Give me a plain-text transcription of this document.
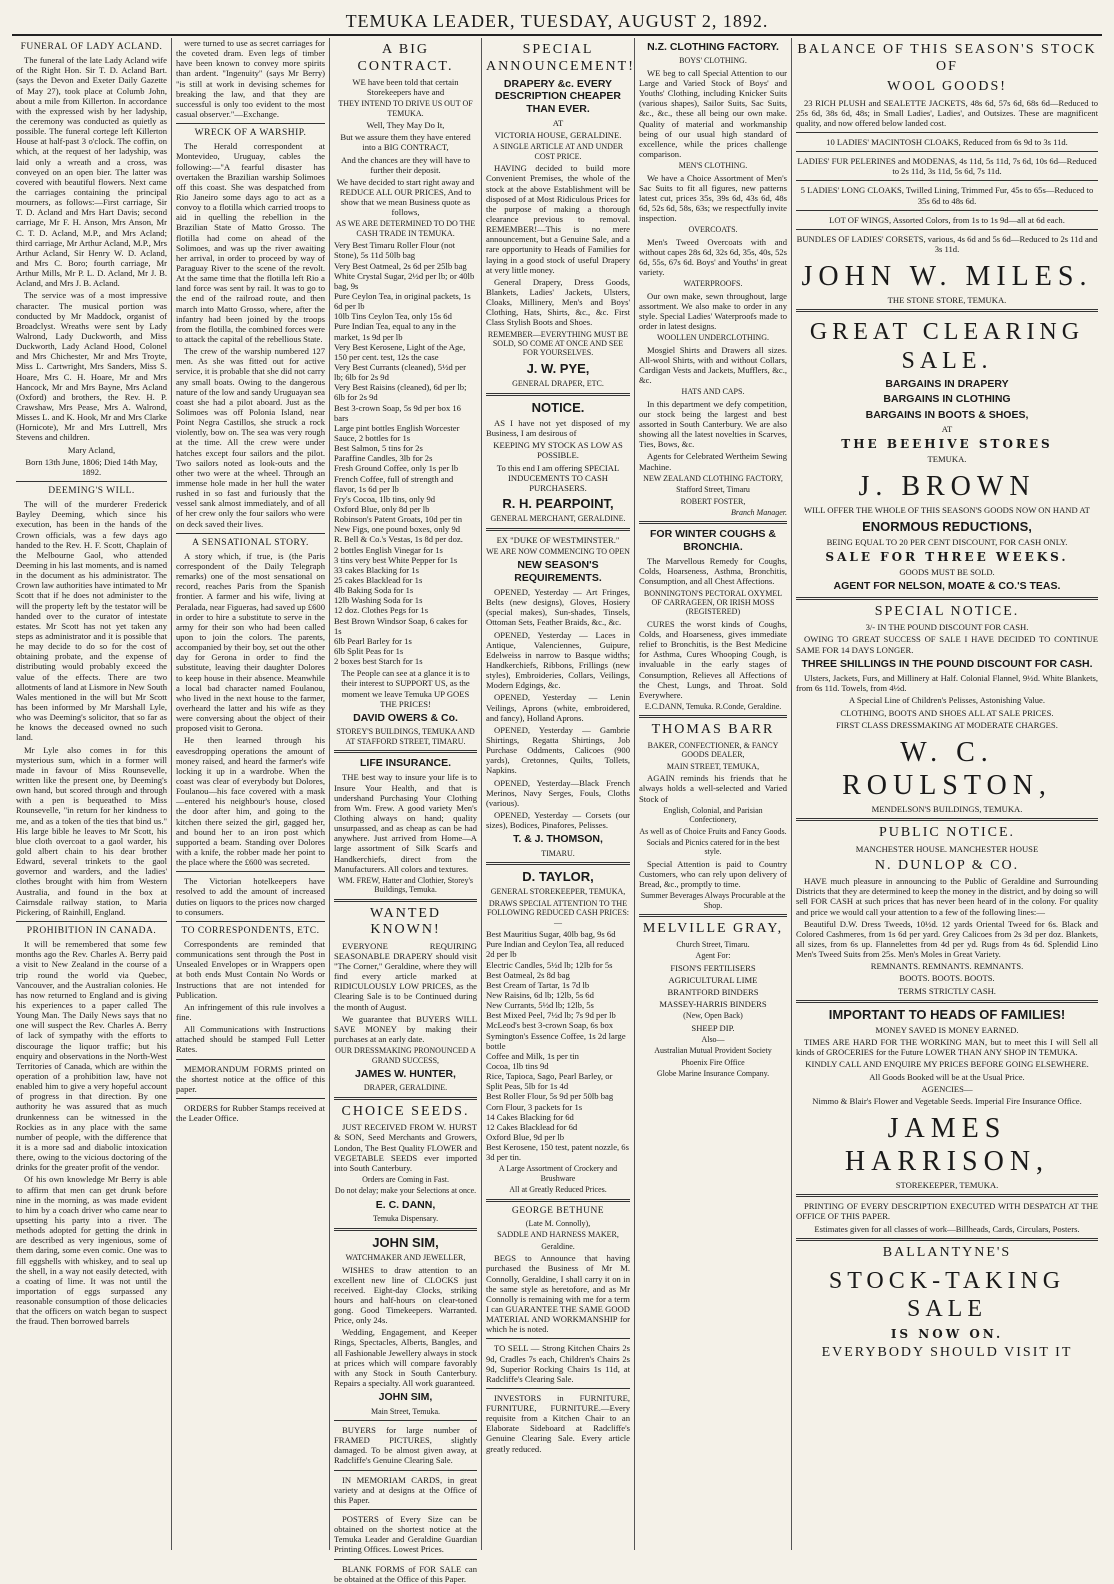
TEMUKA LEADER, TUESDAY, AUGUST 2, 1892.
FUNERAL OF LADY ACLAND.

The funeral of the late Lady Acland wife of the Right Hon. Sir T. D. Acland Bart. (says the Devon and Exeter Daily Gazette of May 27), took place at Columb John, about a mile from Killerton. In accordance with the expressed wish by her ladyship, the ceremony was conducted as quietly as possible. The funeral cortege left Killerton House at half-past 3 o'clock. The coffin, on which, at the request of her ladyship, was laid only a wreath and a cross, was conveyed on an open bier. The latter was covered with beautiful flowers. Next came the carriages containing the principal mourners, as follows:—First carriage, Sir T. D. Acland and Mrs Hart Davis; second carriage, Mr F. H. Anson, Mrs Anson, Mr C. T. D. Acland, M.P., and Mrs Acland; third carriage, Mr Arthur Acland, M.P., Mrs Arthur Acland, Sir Henry W. D. Acland, and Mrs C. Boro; fourth carriage, Mr Arthur Mills, Mr P. L. D. Acland, Mr J. B. Acland, and Mrs J. B. Acland.

The service was of a most impressive character. The musical portion was conducted by Mr Maddock, organist of Broadclyst. Wreaths were sent by Lady Walrond, Lady Duckworth, and Miss Duckworth, Lady Acland Hood, Colonel and Mrs Chichester, Mr and Mrs Troyte, Miss L. Cartwright, Mrs Sanders, Miss S. Hoare, Mrs C. H. Hoare, Mr and Mrs Hancock, Mr and Mrs Bayne, Mrs Acland (Oxford) and brothers, the Rev. H. P. Crawshaw, Mrs Pease, Mrs A. Walrond, Misses L. and K. Hook, Mr and Mrs Clarke (Hornicote), Mr and Mrs Luttrell, Mrs Stevens and children.

Mary Acland,

Born 13th June, 1806; Died 14th May, 1892.

DEEMING'S WILL.

The will of the murderer Frederick Bayley Deeming, which since his execution, has been in the hands of the Crown officials, was a few days ago handed to the Rev. H. F. Scott, Chaplain of the Melbourne Gaol, who attended Deeming in his last moments, and is named in the document as his administrator. The Crown law authorities have intimated to Mr Scott that if he does not administer to the will the property left by the testator will be handed over to the curator of intestate estates. Mr Scott has not yet taken any steps as administrator and it is possible that he may decide to do so for the cost of obtaining probate, and the expense of distributing would probably exceed the value of the effects. There are two allotments of land at Lismore in New South Wales mentioned in the will but Mr Scott has been informed by Mr Marshall Lyle, who was Deeming's solicitor, that so far as he knows the deceased owned no such land.

Mr Lyle also comes in for this mysterious sum, which in a former will made in favour of Miss Rounsevelle, written like the present one, by Deeming's own hand, but scored through and through with a pen is bequeathed to Miss Rounsevelle, "in return for her kindness to me, and as a token of the ties that bind us." His large bible he leaves to Mr Scott, his blue cloth overcoat to a gaol warder, his gold albert chain to his dear brother Edward, several trinkets to the gaol governor and warders, and the ladies' clothes brought with him from Western Australia, and found in the box at Cairnsdale railway station, to Maria Pickering, of Rainhill, England.

PROHIBITION IN CANADA.

It will be remembered that some few months ago the Rev. Charles A. Berry paid a visit to New Zealand in the course of a trip round the world via Quebec, Vancouver, and the Australian colonies. He has now returned to England and is giving his experiences to a paper called The Young Man. The Daily News says that no one will suspect the Rev. Charles A. Berry of lack of sympathy with the efforts to discourage the liquor traffic; but his enquiry and observations in the North-West Territories of Canada, which are within the operation of a prohibition law, have not enabled him to give a very hopeful account of progress in that direction. By one authority he was assured that as much drunkenness can be witnessed in the Rockies as in any place with the same number of people, with the difference that it is a more sad and diabolic intoxication there, owing to the vicious doctoring of the drinks for the greater profit of the vendor.

Of his own knowledge Mr Berry is able to affirm that men can get drunk before nine in the morning, as was made evident to him by a coach driver who came near to upsetting his party into a river. The methods adopted for getting the drink in are described as very ingenious, some of them daring, some even comic. One was to fill eggshells with whiskey, and to seal up the shell, in a way not easily detected, with a coating of lime. It was not until the importation of eggs surpassed any reasonable consumption of those delicacies that the officers on watch began to suspect the fraud. Then borrowed barrels

were turned to use as secret carriages for the coveted dram. Even legs of timber have been known to convey more spirits than ardent. "Ingenuity" (says Mr Berry) "is still at work in devising schemes for breaking the law, and that they are successful is only too evident to the most casual observer."—Exchange.

WRECK OF A WARSHIP.

The Herald correspondent at Montevideo, Uruguay, cables the following:—"A fearful disaster has overtaken the Brazilian warship Solimoes off this coast. She was despatched from Rio Janeiro some days ago to act as a convoy to a flotilla which carried troops to aid in quelling the rebellion in the Brazilian State of Matto Grosso. The flotilla had come on ahead of the Solimoes, and was up the river awaiting her arrival, in order to proceed by way of Paraguay River to the scene of the revolt. At the same time that the flotilla left Rio a land force was sent by rail. It was to go to the end of the railroad route, and then march into Matto Grosso, where, after the infantry had been joined by the troops from the flotilla, the combined forces were to attack the capital of the rebellious State.

The crew of the warship numbered 127 men. As she was fitted out for active service, it is probable that she did not carry any small boats. Owing to the dangerous nature of the low and sandy Uruguayan sea coast she had a pilot aboard. Just as the Solimoes was off Polonia Island, near Point Negra Castillos, she struck a rock violently, bow on. The sea was very rough at the time. All the crew were under hatches except four sailors and the pilot. Two sailors noted as look-outs and the other two were at the wheel. Through an immense hole made in her hull the water rushed in so fast and furiously that the vessel sank almost immediately, and of all of her crew only the four sailors who were on deck saved their lives.

A SENSATIONAL STORY.

A story which, if true, is (the Paris correspondent of the Daily Telegraph remarks) one of the most sensational on record, reaches Paris from the Spanish frontier. A farmer and his wife, living at Peralada, near Figueras, had saved up £600 in order to hire a substitute to serve in the army for their son who had been called upon to join the colors. The parents, accompanied by their boy, set out the other day for Gerona in order to find the substitute, leaving their daughter Dolores to keep house in their absence. Meanwhile a local bad character named Foulanou, who lived in the next house to the farmer, overheard the latter and his wife as they were conversing about the object of their proposed visit to Gerona.

He then learned through his eavesdropping operations the amount of money raised, and heard the farmer's wife locking it up in a wardrobe. When the coast was clear of everybody but Dolores, Foulanou—his face covered with a mask—entered his neighbour's house, closed the door after him, and going to the kitchen there seized the girl, gagged her, and bound her to an iron post which supported a beam. Standing over Dolores with a knife, the robber made her point to the place where the £600 was secreted.

The Victorian hotelkeepers have resolved to add the amount of increased duties on liquors to the prices now charged to consumers.

TO CORRESPONDENTS, ETC.

Correspondents are reminded that communications sent through the Post in Unsealed Envelopes or in Wrappers open at both ends Must Contain No Words or Instructions that are not intended for Publication.

An infringement of this rule involves a fine.

All Communications with Instructions attached should be stamped Full Letter Rates.

MEMORANDUM FORMS printed on the shortest notice at the office of this paper.

ORDERS for Rubber Stamps received at the Leader Office.

A BIG CONTRACT.

WE have been told that certain Storekeepers have and

THEY INTEND TO DRIVE US OUT OF TEMUKA.

Well, They May Do It,

But we assure them they have entered into a BIG CONTRACT,

And the chances are they will have to further their deposit.

We have decided to start right away and REDUCE ALL OUR PRICES, And to show that we mean Business quote as follows,

AS WE ARE DETERMINED TO DO THE CASH TRADE IN TEMUKA.

Very Best Timaru Roller Flour (not Stone), 5s 11d 50lb bag
Very Best Oatmeal, 2s 6d per 25lb bag
White Crystal Sugar, 2½d per lb; or 40lb bag, 9s
Pure Ceylon Tea, in original packets, 1s 6d per lb
10lb Tins Ceylon Tea, only 15s 6d
Pure Indian Tea, equal to any in the market, 1s 9d per lb
Very Best Kerosene, Light of the Age, 150 per cent. test, 12s the case
Very Best Currants (cleaned), 5½d per lb; 6lb for 2s 9d
Very Best Raisins (cleaned), 6d per lb; 6lb for 2s 9d
Best 3-crown Soap, 5s 9d per box 16 bars
Large pint bottles English Worcester Sauce, 2 bottles for 1s
Best Salmon, 5 tins for 2s
Paraffine Candles, 3lb for 2s
Fresh Ground Coffee, only 1s per lb
French Coffee, full of strength and flavor, 1s 6d per lb
Fry's Cocoa, 1lb tins, only 9d
Oxford Blue, only 8d per lb
Robinson's Patent Groats, 10d per tin
New Figs, one pound boxes, only 9d
R. Bell & Co.'s Vestas, 1s 8d per doz.
2 bottles English Vinegar for 1s
3 tins very best White Pepper for 1s
33 cakes Blacking for 1s
25 cakes Blacklead for 1s
4lb Baking Soda for 1s
12lb Washing Soda for 1s
12 doz. Clothes Pegs for 1s
Best Brown Windsor Soap, 6 cakes for 1s
6lb Pearl Barley for 1s
6lb Split Peas for 1s
2 boxes best Starch for 1s

The People can see at a glance it is to their interest to SUPPORT US, as the moment we leave Temuka UP GOES THE PRICES!

DAVID OWERS & Co.

STOREY'S BUILDINGS, TEMUKA AND AT STAFFORD STREET, TIMARU.

LIFE INSURANCE.

THE best way to insure your life is to Insure Your Health, and that is undershand Purchasing Your Clothing from Wm. Frew. A good variety Men's Clothing always on hand; quality unsurpassed, and as cheap as can be had anywhere. Just arrived from Home—A large assortment of Silk Scarfs and Handkerchiefs, direct from the Manufacturers. All colors and textures.

WM. FREW, Hatter and Clothier, Storey's Buildings, Temuka.

WANTED KNOWN!

EVERYONE REQUIRING SEASONABLE DRAPERY should visit "The Corner," Geraldine, where they will find every article marked at RIDICULOUSLY LOW PRICES, as the Clearing Sale is to be Continued during the month of August.

We guarantee that BUYERS WILL SAVE MONEY by making their purchases at an early date.

OUR DRESSMAKING PRONOUNCED A GRAND SUCCESS,

JAMES W. HUNTER,

DRAPER, GERALDINE.

CHOICE SEEDS.

JUST RECEIVED FROM W. HURST & SON, Seed Merchants and Growers, London, The Best Quality FLOWER and VEGETABLE SEEDS ever imported into South Canterbury.

Orders are Coming in Fast.

Do not delay; make your Selections at once.

E. C. DANN,

Temuka Dispensary.

JOHN SIM,

WATCHMAKER AND JEWELLER,

WISHES to draw attention to an excellent new line of CLOCKS just received. Eight-day Clocks, striking hours and half-hours on clear-toned gong. Good Timekeepers. Warranted. Price, only 24s.

Wedding, Engagement, and Keeper Rings, Spectacles, Alberts, Bangles, and all Fashionable Jewellery always in stock at prices which will compare favorably with any Stock in South Canterbury. Repairs a specialty. All work guaranteed.

JOHN SIM,

Main Street, Temuka.

BUYERS for large number of FRAMED PICTURES, slightly damaged. To be almost given away, at Radcliffe's Genuine Clearing Sale.

IN MEMORIAM CARDS, in great variety and at designs at the Office of this Paper.

POSTERS of Every Size can be obtained on the shortest notice at the Temuka Leader and Geraldine Guardian Printing Offices. Lowest Prices.

BLANK FORMS of FOR SALE can be obtained at the Office of this Paper.

SPECIAL ANNOUNCEMENT!
DRAPERY &c. EVERY DESCRIPTION CHEAPER THAN EVER.

AT

VICTORIA HOUSE, GERALDINE.

A SINGLE ARTICLE AT AND UNDER COST PRICE.

HAVING decided to build more Convenient Premises, the whole of the stock at the above Establishment will be disposed of at Most Ridiculous Prices for the purpose of making a thorough clearance previous to removal. REMEMBER!—This is no mere announcement, but a Genuine Sale, and a rare opportunity to Heads of Families for laying in a good stock of useful Drapery at very little money.

General Drapery, Dress Goods, Blankets, Ladies' Jackets, Ulsters, Cloaks, Millinery, Men's and Boys' Clothing, Hats, Shirts, &c., &c. First Class Stylish Boots and Shoes.

REMEMBER—EVERYTHING MUST BE SOLD, SO COME AT ONCE AND SEE FOR YOURSELVES.

J. W. PYE,

GENERAL DRAPER, ETC.

NOTICE.

AS I have not yet disposed of my Business, I am desirous of

KEEPING MY STOCK AS LOW AS POSSIBLE.

To this end I am offering SPECIAL INDUCEMENTS TO CASH PURCHASERS.

R. H. PEARPOINT,

GENERAL MERCHANT, GERALDINE.

EX "DUKE OF WESTMINSTER."

WE ARE NOW COMMENCING TO OPEN

NEW SEASON'S REQUIREMENTS.

OPENED, Yesterday — Art Fringes, Belts (new designs), Gloves, Hosiery (special makes), Sun-shades, Tinsels, Ottoman Sets, Feather Braids, &c., &c.

OPENED, Yesterday — Laces in Antique, Valenciennes, Guipure, Edelweiss in narrow to Basque widths; Handkerchiefs, Ribbons, Frillings (new styles), Embroideries, Collars, Veilings, Modern Edgings, &c.

OPENED, Yesterday — Lenin Veilings, Aprons (white, embroidered, and fancy), Holland Aprons.

OPENED, Yesterday — Gambrie Shirtings, Regatta Shirtings, Job Purchase Oddments, Calicoes (900 yards), Cretonnes, Quilts, Tollets, Napkins.

OPENED, Yesterday—Black French Merinos, Navy Serges, Fouls, Cloths (various).

OPENED, Yesterday — Corsets (our sizes), Bodices, Pinafores, Pelisses.

T. & J. THOMSON,

TIMARU.

D. TAYLOR,

GENERAL STOREKEEPER, TEMUKA,

DRAWS SPECIAL ATTENTION TO THE FOLLOWING REDUCED CASH PRICES:—

Best Mauritius Sugar, 40lb bag, 9s 6d
Pure Indian and Ceylon Tea, all reduced 2d per lb
Electric Candles, 5½d lb; 12lb for 5s
Best Oatmeal, 2s 8d bag
Best Cream of Tartar, 1s 7d lb
New Raisins, 6d lb; 12lb, 5s 6d
New Currants, 5½d lb; 12lb, 5s
Best Mixed Peel, 7½d lb; 7s 9d per lb
McLeod's best 3-crown Soap, 6s box
Symington's Essence Coffee, 1s 2d large bottle
Coffee and Milk, 1s per tin
Cocoa, 1lb tins 9d
Rice, Tapioca, Sago, Pearl Barley, or Split Peas, 5lb for 1s 4d
Best Roller Flour, 5s 9d per 50lb bag
Corn Flour, 3 packets for 1s
14 Cakes Blacking for 6d
12 Cakes Blacklead for 6d
Oxford Blue, 9d per lb
Best Kerosene, 150 test, patent nozzle, 6s 3d per tin.

A Large Assortment of Crockery and Brushware

All at Greatly Reduced Prices.

GEORGE BETHUNE

(Late M. Connolly),

SADDLE AND HARNESS MAKER,

Geraldine.

BEGS to Announce that having purchased the Business of Mr M. Connolly, Geraldine, I shall carry it on in the same style as heretofore, and as Mr Connolly is remaining with me for a term I can GUARANTEE THE SAME GOOD MATERIAL AND WORKMANSHIP for which he is noted.

TO SELL — Strong Kitchen Chairs 2s 9d, Cradles 7s each, Children's Chairs 2s 9d, Superior Rocking Chairs 1s 11d, at Radcliffe's Clearing Sale.

INVESTORS in FURNITURE, FURNITURE, FURNITURE.—Every requisite from a Kitchen Chair to an Elaborate Sideboard at Radcliffe's Genuine Clearing Sale. Every article greatly reduced.

N.Z. CLOTHING FACTORY.

BOYS' CLOTHING.

WE beg to call Special Attention to our Large and Varied Stock of Boys' and Youths' Clothing, including Knicker Suits (various shapes), Sailor Suits, Sac Suits, &c., &c., these all being our own make. Quality of material and workmanship being of our usual high standard of excellence, while the prices challenge comparison.

MEN'S CLOTHING.

We have a Choice Assortment of Men's Sac Suits to fit all figures, new patterns latest cut, prices 35s, 39s 6d, 43s 6d, 48s 6d, 52s 6d, 58s, 63s; we respectfully invite inspection.

OVERCOATS.

Men's Tweed Overcoats with and without capes 28s 6d, 32s 6d, 35s, 40s, 52s 6d, 55s, 67s 6d. Boys' and Youths' in great variety.

WATERPROOFS.

Our own make, sewn throughout, large assortment. We also make to order in any style. Special Ladies' Waterproofs made to order in latest designs.

WOOLLEN UNDERCLOTHING.

Mosgiel Shirts and Drawers all sizes. All-wool Shirts, with and without Collars, Cardigan Vests and Jackets, Mufflers, &c., &c.

HATS AND CAPS.

In this department we defy competition, our stock being the largest and best assorted in South Canterbury. We are also showing all the latest novelties in Scarves, Ties, Bows, &c.

Agents for Celebrated Wertheim Sewing Machine.

NEW ZEALAND CLOTHING FACTORY,

Stafford Street, Timaru

ROBERT FOSTER,

Branch Manager.

FOR WINTER COUGHS & BRONCHIA.

The Marvellous Remedy for Coughs, Colds, Hoarseness, Asthma, Bronchitis, Consumption, and all Chest Affections.

BONNINGTON'S PECTORAL OXYMEL OF CARRAGEEN, OR IRISH MOSS (REGISTERED)

CURES the worst kinds of Coughs, Colds, and Hoarseness, gives immediate relief to Bronchitis, is the Best Medicine for Asthma, Cures Whooping Cough, is invaluable in the early stages of Consumption, Relieves all Affections of the Chest, Lungs, and Throat. Sold Everywhere.

E.C.DANN, Temuka. R.Conde, Geraldine.

THOMAS BARR

BAKER, CONFECTIONER, & FANCY GOODS DEALER,

MAIN STREET, TEMUKA,

AGAIN reminds his friends that he always holds a well-selected and Varied Stock of

English, Colonial, and Parisian Confectionery,

As well as of Choice Fruits and Fancy Goods.

Socials and Picnics catered for in the best style.

Special Attention is paid to Country Customers, who can rely upon delivery of Bread, &c., promptly to time.

Summer Beverages Always Procurable at the Shop.

MELVILLE GRAY,

Church Street, Timaru.

Agent For:

FISON'S FERTILISERS

AGRICULTURAL LIME

BRANTFORD BINDERS

MASSEY-HARRIS BINDERS

(New, Open Back)

SHEEP DIP.

Also—

Australian Mutual Provident Society

Phoenix Fire Office

Globe Marine Insurance Company.

BALANCE OF THIS SEASON'S STOCK OF
WOOL GOODS!

23 RICH PLUSH and SEALETTE JACKETS, 48s 6d, 57s 6d, 68s 6d—Reduced to 25s 6d, 38s 6d, 48s; in Small Ladies', Ladies', and Outsizes. These are magnificent quality, and now offered below landed cost.

10 LADIES' MACINTOSH CLOAKS, Reduced from 6s 9d to 3s 11d.
LADIES' FUR PELERINES and MODENAS, 4s 11d, 5s 11d, 7s 6d, 10s 6d—Reduced to 2s 11d, 3s 11d, 5s 6d, 7s 11d.
5 LADIES' LONG CLOAKS, Twilled Lining, Trimmed Fur, 45s to 65s—Reduced to 35s 6d to 48s 6d.
LOT OF WINGS, Assorted Colors, from 1s to 1s 9d—all at 6d each.
BUNDLES OF LADIES' CORSETS, various, 4s 6d and 5s 6d—Reduced to 2s 11d and 3s 11d.
JOHN W. MILES.
THE STONE STORE, TEMUKA.
GREAT CLEARING SALE.
BARGAINS IN DRAPERY
BARGAINS IN CLOTHING
BARGAINS IN BOOTS & SHOES,
AT
THE BEEHIVE STORES
TEMUKA.
J. BROWN

WILL OFFER THE WHOLE OF THIS SEASON'S GOODS NOW ON HAND AT

ENORMOUS REDUCTIONS,
BEING EQUAL TO 20 PER CENT DISCOUNT, FOR CASH ONLY.
SALE FOR THREE WEEKS.
GOODS MUST BE SOLD.
AGENT FOR NELSON, MOATE & CO.'S TEAS.
SPECIAL NOTICE.
3/- IN THE POUND DISCOUNT FOR CASH.

OWING TO GREAT SUCCESS OF SALE I HAVE DECIDED TO CONTINUE SAME FOR 14 DAYS LONGER.

THREE SHILLINGS IN THE POUND DISCOUNT FOR CASH.

Ulsters, Jackets, Furs, and Millinery at Half. Colonial Flannel, 9½d. White Blankets, from 6s 11d. Towels, from 4½d.

A Special Line of Children's Pelisses, Astonishing Value.
CLOTHING, BOOTS AND SHOES ALL AT SALE PRICES.
FIRST CLASS DRESSMAKING AT MODERATE CHARGES.
W. C. ROULSTON,
MENDELSON'S BUILDINGS, TEMUKA.
PUBLIC NOTICE.
MANCHESTER HOUSE. MANCHESTER HOUSE
N. DUNLOP & CO.

HAVE much pleasure in announcing to the Public of Geraldine and Surrounding Districts that they are determined to keep the money in the district, and by doing so will sell FOR CASH at such prices that has never been heard of in the colony. For quality and price we would call your attention to a few of the following lines:—

Beautiful D.W. Dress Tweeds, 10½d. 12 yards Oriental Tweed for 6s. Black and Colored Cashmeres, from 1s 6d per yard. Grey Calicoes from 2s 3d per doz. Blankets, all sizes, from 6s up. Flannelettes from 4d per yd. Rugs from 4s 6d. Splendid Lino Men's Tweed Suits from 25s. Men's Moles in Great Variety.

REMNANTS. REMNANTS. REMNANTS.
BOOTS. BOOTS. BOOTS.
TERMS STRICTLY CASH.
IMPORTANT TO HEADS OF FAMILIES!
MONEY SAVED IS MONEY EARNED.

TIMES ARE HARD FOR THE WORKING MAN, but to meet this I will Sell all kinds of GROCERIES for the Future LOWER THAN ANY SHOP IN TEMUKA.

KINDLY CALL AND ENQUIRE MY PRICES BEFORE GOING ELSEWHERE.
All Goods Booked will be at the Usual Price.
AGENCIES—
Nimmo & Blair's Flower and Vegetable Seeds. Imperial Fire Insurance Office.
JAMES HARRISON,
STOREKEEPER, TEMUKA.

PRINTING OF EVERY DESCRIPTION EXECUTED WITH DESPATCH AT THE OFFICE OF THIS PAPER.

Estimates given for all classes of work—Billheads, Cards, Circulars, Posters.
BALLANTYNE'S
STOCK-TAKING SALE
IS NOW ON.
EVERYBODY SHOULD VISIT IT
